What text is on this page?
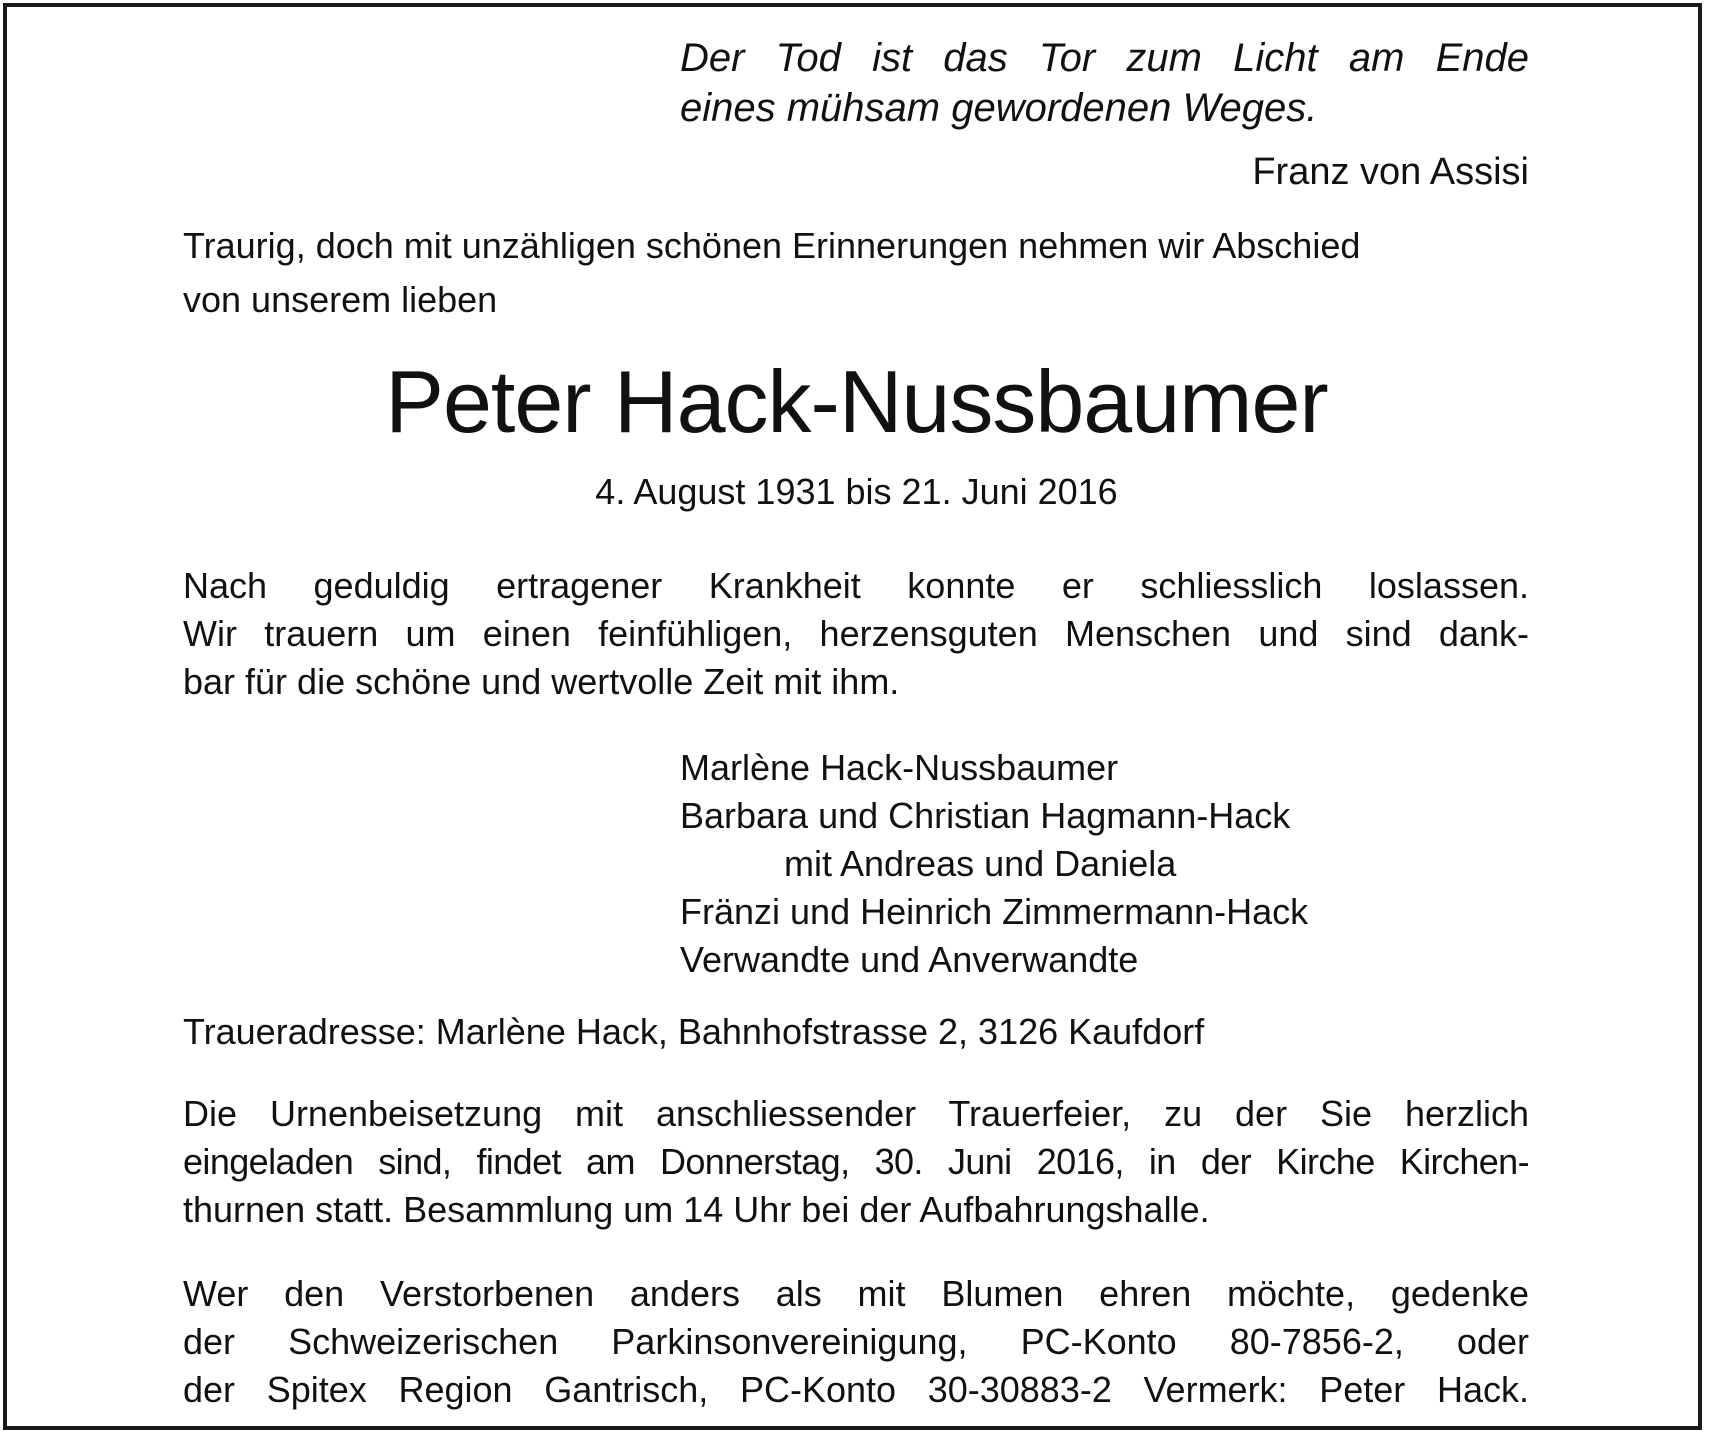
Der Tod ist das Tor zum Licht am Ende
eines mühsam gewordenen Weges.
Franz von Assisi
Traurig, doch mit unzähligen schönen Erinnerungen nehmen wir Abschied
von unserem lieben
Peter Hack-Nussbaumer
4. August 1931 bis 21. Juni 2016
Nach geduldig ertragener Krankheit konnte er schliesslich loslassen.
Wir trauern um einen feinfühligen, herzensguten Menschen und sind dank-
bar für die schöne und wertvolle Zeit mit ihm.
Marlène Hack-Nussbaumer
Barbara und Christian Hagmann-Hack
mit Andreas und Daniela
Fränzi und Heinrich Zimmermann-Hack
Verwandte und Anverwandte
Traueradresse: Marlène Hack, Bahnhofstrasse 2, 3126 Kaufdorf
Die Urnenbeisetzung mit anschliessender Trauerfeier, zu der Sie herzlich
eingeladen sind, findet am Donnerstag, 30. Juni 2016, in der Kirche Kirchen-
thurnen statt. Besammlung um 14 Uhr bei der Aufbahrungshalle.
Wer den Verstorbenen anders als mit Blumen ehren möchte, gedenke
der Schweizerischen Parkinsonvereinigung, PC-Konto 80-7856-2, oder
der Spitex Region Gantrisch, PC-Konto 30-30883-2 Vermerk: Peter Hack.
